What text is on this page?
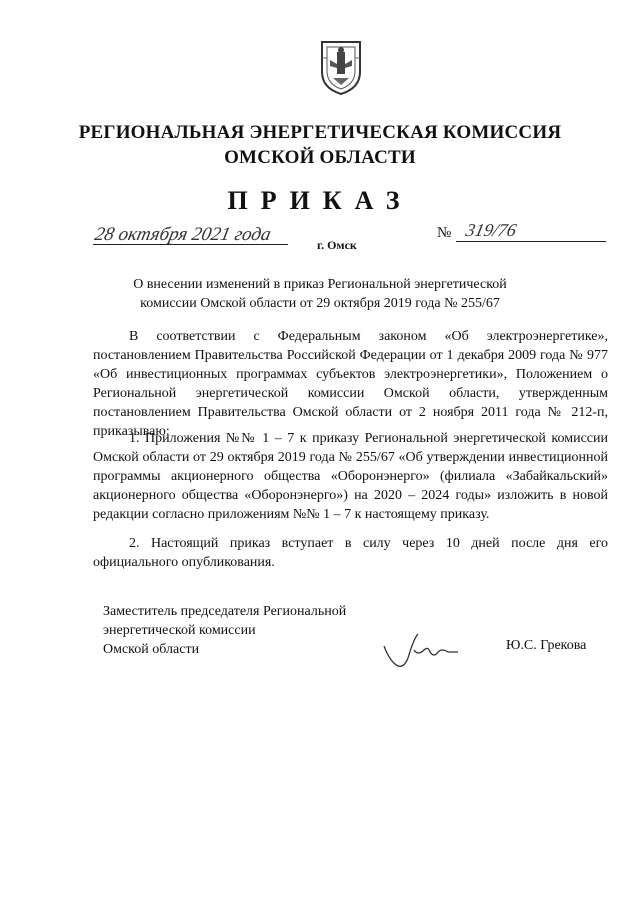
РЕГИОНАЛЬНАЯ ЭНЕРГЕТИЧЕСКАЯ КОМИССИЯ
ОМСКОЙ ОБЛАСТИ
ПРИКАЗ
28 октября 2021 года	г. Омск
№ 319/76
О внесении изменений в приказ Региональной энергетической комиссии Омской области от 29 октября 2019 года № 255/67
В соответствии с Федеральным законом «Об электроэнергетике», постановлением Правительства Российской Федерации от 1 декабря 2009 года № 977 «Об инвестиционных программах субъектов электроэнергетики», Положением о Региональной энергетической комиссии Омской области, утвержденным постановлением Правительства Омской области от 2 ноября 2011 года № 212-п, приказываю:
1. Приложения №№ 1 – 7 к приказу Региональной энергетической комиссии Омской области от 29 октября 2019 года № 255/67 «Об утверждении инвестиционной программы акционерного общества «Оборонэнерго» (филиала «Забайкальский» акционерного общества «Оборонэнерго») на 2020 – 2024 годы» изложить в новой редакции согласно приложениям №№ 1 – 7 к настоящему приказу.
2. Настоящий приказ вступает в силу через 10 дней после дня его официального опубликования.
Заместитель председателя Региональной
энергетической комиссии
Омской области	Ю.С. Грекова
